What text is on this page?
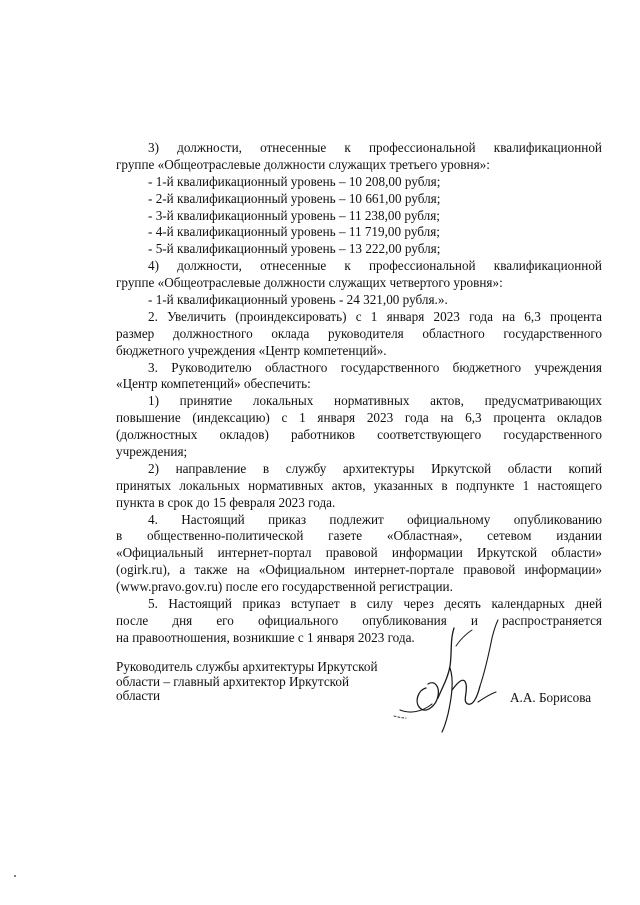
3) должности, отнесенные к профессиональной квалификационной
группе «Общеотраслевые должности служащих третьего уровня»:
- 1-й квалификационный уровень – 10 208,00 рубля;
- 2-й квалификационный уровень – 10 661,00 рубля;
- 3-й квалификационный уровень – 11 238,00 рубля;
- 4-й квалификационный уровень – 11 719,00 рубля;
- 5-й квалификационный уровень – 13 222,00 рубля;
4) должности, отнесенные к профессиональной квалификационной
группе «Общеотраслевые должности служащих четвертого уровня»:
- 1-й квалификационный уровень - 24 321,00 рубля.».
2. Увеличить (проиндексировать) с 1 января 2023 года на 6,3 процента
размер должностного оклада руководителя областного государственного
бюджетного учреждения «Центр компетенций».
3. Руководителю областного государственного бюджетного учреждения
«Центр компетенций» обеспечить:
1) принятие локальных нормативных актов, предусматривающих
повышение (индексацию) с 1 января 2023 года на 6,3 процента окладов
(должностных окладов) работников соответствующего государственного
учреждения;
2) направление в службу архитектуры Иркутской области копий
принятых локальных нормативных актов, указанных в подпункте 1 настоящего
пункта в срок до 15 февраля 2023 года.
4. Настоящий приказ подлежит официальному опубликованию
в общественно-политической газете «Областная», сетевом издании
«Официальный интернет-портал правовой информации Иркутской области»
(ogirk.ru), а также на «Официальном интернет-портале правовой информации»
(www.pravo.gov.ru) после его государственной регистрации.
5. Настоящий приказ вступает в силу через десять календарных дней
после дня его официального опубликования и распространяется
на правоотношения, возникшие с 1 января 2023 года.
Руководитель службы архитектуры Иркутской
области – главный архитектор Иркутской
области	А.А. Борисова
